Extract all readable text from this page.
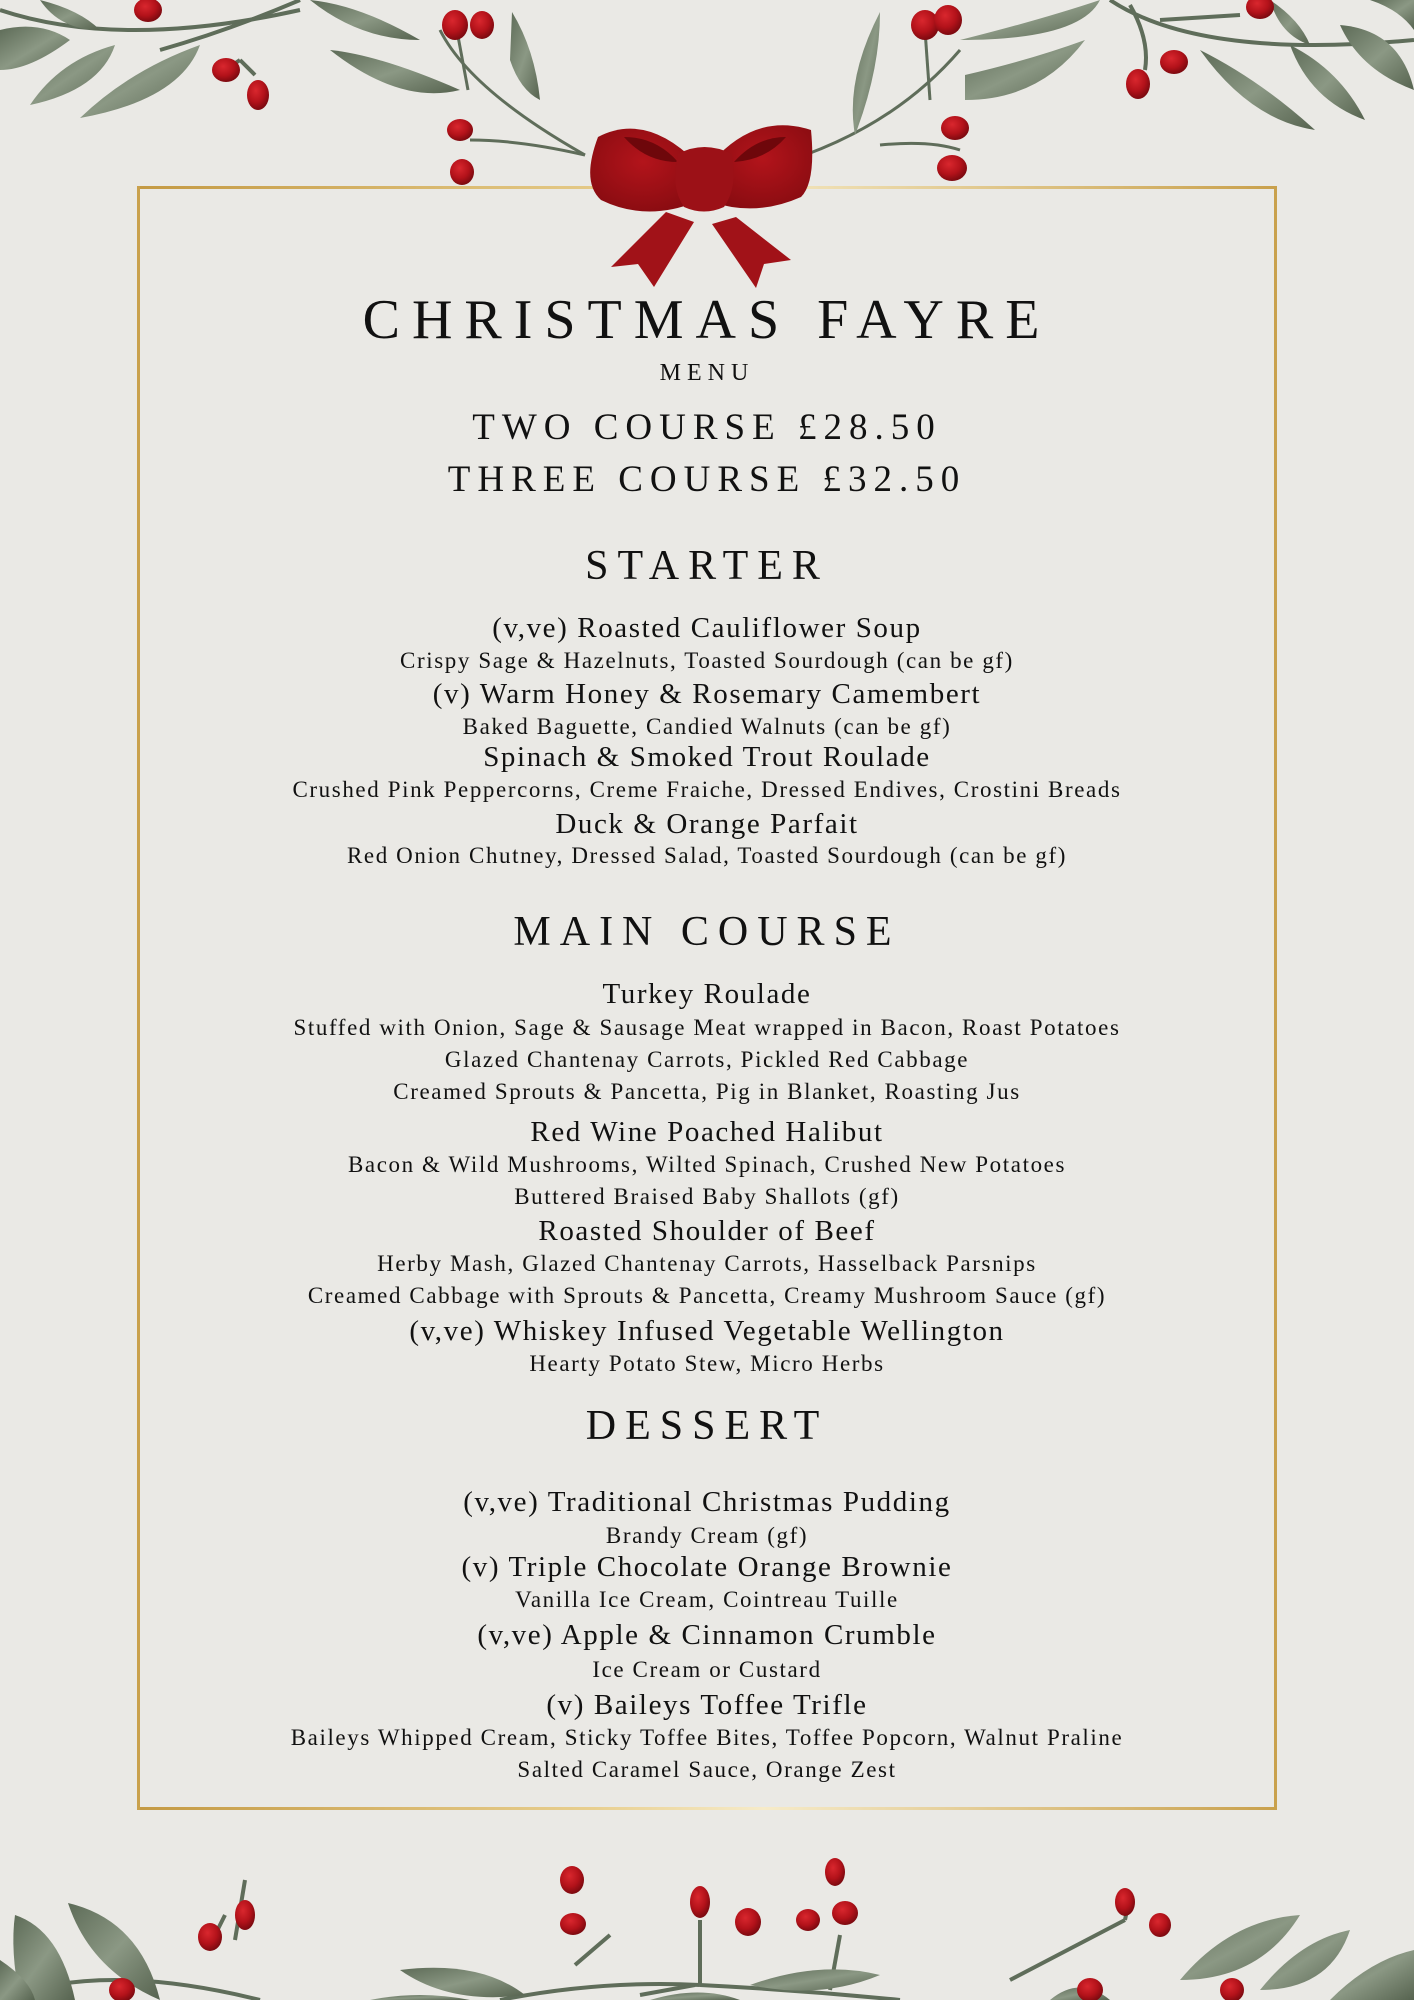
CHRISTMAS FAYRE
MENU
TWO COURSE £28.50
THREE COURSE £32.50
STARTER
(v,ve) Roasted Cauliflower Soup
Crispy Sage & Hazelnuts, Toasted Sourdough (can be gf)
(v) Warm Honey & Rosemary Camembert
Baked Baguette, Candied Walnuts (can be gf)
Spinach & Smoked Trout Roulade
Crushed Pink Peppercorns, Creme Fraiche, Dressed Endives, Crostini Breads
Duck & Orange Parfait
Red Onion Chutney, Dressed Salad, Toasted Sourdough (can be gf)
MAIN COURSE
Turkey Roulade
Stuffed with Onion, Sage & Sausage Meat wrapped in Bacon, Roast Potatoes
Glazed Chantenay Carrots, Pickled Red Cabbage
Creamed Sprouts & Pancetta, Pig in Blanket, Roasting Jus
Red Wine Poached Halibut
Bacon & Wild Mushrooms, Wilted Spinach, Crushed New Potatoes
Buttered Braised Baby Shallots (gf)
Roasted Shoulder of Beef
Herby Mash, Glazed Chantenay Carrots, Hasselback Parsnips
Creamed Cabbage with Sprouts & Pancetta, Creamy Mushroom Sauce (gf)
(v,ve) Whiskey Infused Vegetable Wellington
Hearty Potato Stew, Micro Herbs
DESSERT
(v,ve) Traditional Christmas Pudding
Brandy Cream (gf)
(v) Triple Chocolate Orange Brownie
Vanilla Ice Cream, Cointreau Tuille
(v,ve) Apple & Cinnamon Crumble
Ice Cream or Custard
(v) Baileys Toffee Trifle
Baileys Whipped Cream, Sticky Toffee Bites, Toffee Popcorn, Walnut Praline
Salted Caramel Sauce, Orange Zest
